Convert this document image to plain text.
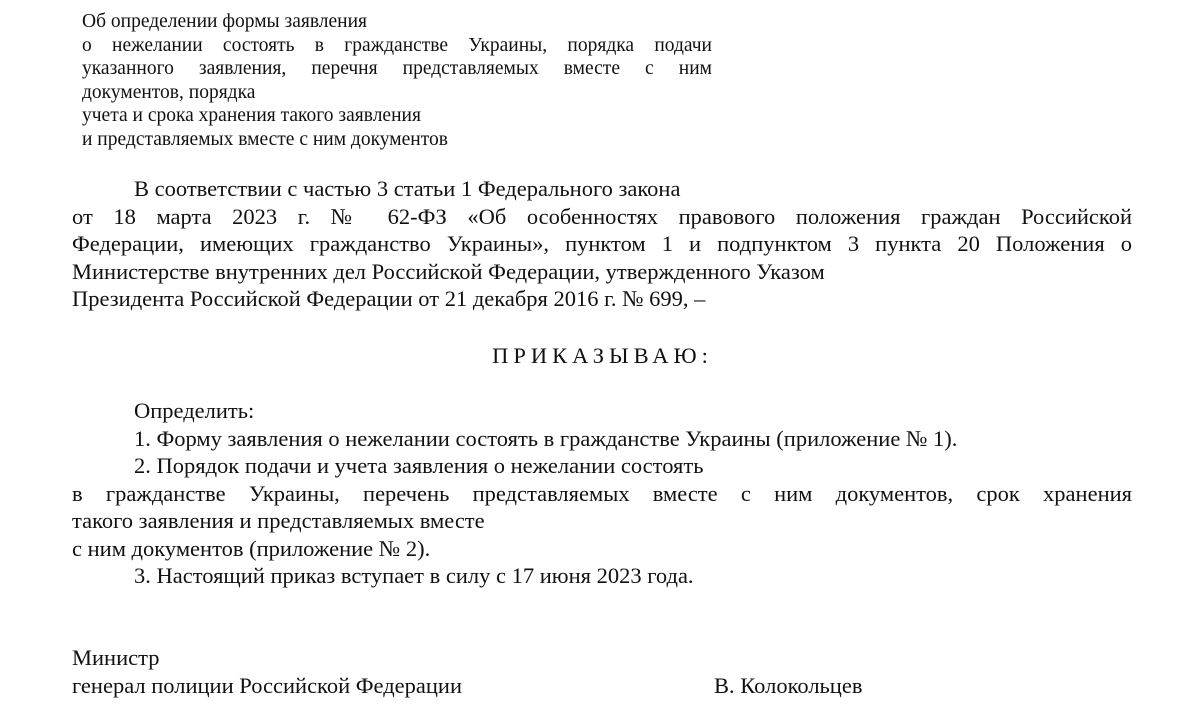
Об определении формы заявления
о нежелании состоять в гражданстве Украины, порядка подачи
указанного заявления, перечня представляемых вместе с ним
документов, порядка
учета и срока хранения такого заявления
и представляемых вместе с ним документов
В соответствии с частью 3 статьи 1 Федерального закона
от 18 марта 2023 г. № 62-ФЗ «Об особенностях правового положения граждан Российской
Федерации, имеющих гражданство Украины», пунктом 1 и подпунктом 3 пункта 20 Положения о
Министерстве внутренних дел Российской Федерации, утвержденного Указом
Президента Российской Федерации от 21 декабря 2016 г. № 699, –
ПРИКАЗЫВАЮ:
Определить:
1. Форму заявления о нежелании состоять в гражданстве Украины (приложение № 1).
2. Порядок подачи и учета заявления о нежелании состоять
в гражданстве Украины, перечень представляемых вместе с ним документов, срок хранения
такого заявления и представляемых вместе
с ним документов (приложение № 2).
3. Настоящий приказ вступает в силу с 17 июня 2023 года.
Министр
генерал полиции Российской Федерации	В. Колокольцев
